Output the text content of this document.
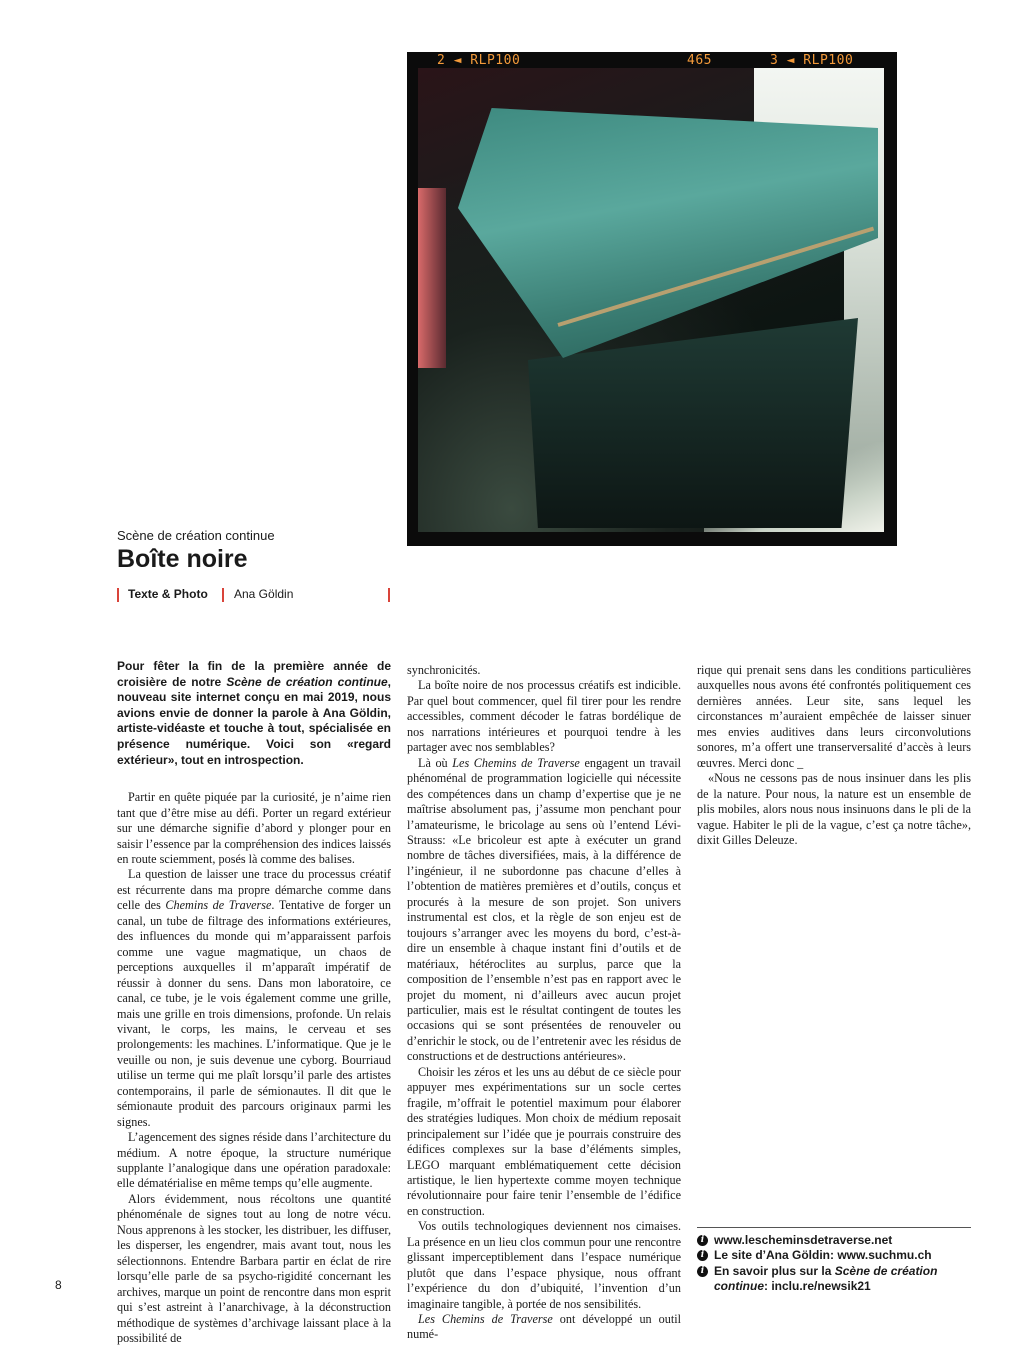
2 ◄ RLP100	465	3 ◄ RLP100
Scène de création continue
Boîte noire
Texte & Photo Ana Göldin

Pour fêter la fin de la première année de croisière de notre Scène de création continue, nouveau site internet conçu en mai 2019, nous avions envie de donner la parole à Ana Göldin, artiste-vidéaste et touche à tout, spécialisée en présence numérique. Voici son «regard extérieur», tout en introspection.

Partir en quête piquée par la curiosité, je n’aime rien tant que d’être mise au défi. Porter un regard extérieur sur une démarche signifie d’abord y plonger pour en saisir l’essence par la compréhension des indices laissés en route sciemment, posés là comme des balises.

La question de laisser une trace du processus créatif est récurrente dans ma propre démarche comme dans celle des Chemins de Traverse. Tentative de forger un canal, un tube de filtrage des informations extérieures, des influences du monde qui m’apparaissent parfois comme une vague magmatique, un chaos de perceptions auxquelles il m’apparaît impératif de réussir à donner du sens. Dans mon laboratoire, ce canal, ce tube, je le vois également comme une grille, mais une grille en trois dimensions, profonde. Un relais vivant, le corps, les mains, le cerveau et ses prolongements: les machines. L’informatique. Que je le veuille ou non, je suis devenue une cyborg. Bourriaud utilise un terme qui me plaît lorsqu’il parle des artistes contemporains, il parle de sémionautes. Il dit que le sémionaute produit des parcours originaux parmi les signes.

L’agencement des signes réside dans l’architecture du médium. A notre époque, la structure numérique supplante l’analogique dans une opération paradoxale: elle dématérialise en même temps qu’elle augmente.

Alors évidemment, nous récoltons une quantité phénoménale de signes tout au long de notre vécu. Nous apprenons à les stocker, les distribuer, les diffuser, les disperser, les engendrer, mais avant tout, nous les sélectionnons. Entendre Barbara partir en éclat de rire lorsqu’elle parle de sa psycho-rigidité concernant les archives, marque un point de rencontre dans mon esprit qui s’est astreint à l’anarchivage, à la déconstruction méthodique de systèmes d’archivage laissant place à la possibilité de

synchronicités.

La boîte noire de nos processus créatifs est indicible. Par quel bout commencer, quel fil tirer pour les rendre accessibles, comment décoder le fatras bordélique de nos narrations intérieures et pourquoi tendre à les partager avec nos semblables?

Là où Les Chemins de Traverse engagent un travail phénoménal de programmation logicielle qui nécessite des compétences dans un champ d’expertise que je ne maîtrise absolument pas, j’assume mon penchant pour l’amateurisme, le bricolage au sens où l’entend Lévi-Strauss: «Le bricoleur est apte à exécuter un grand nombre de tâches diversifiées, mais, à la différence de l’ingénieur, il ne subordonne pas chacune d’elles à l’obtention de matières premières et d’outils, conçus et procurés à la mesure de son projet. Son univers instrumental est clos, et la règle de son enjeu est de toujours s’arranger avec les moyens du bord, c’est-à-dire un ensemble à chaque instant fini d’outils et de matériaux, hétéroclites au surplus, parce que la composition de l’ensemble n’est pas en rapport avec le projet du moment, ni d’ailleurs avec aucun projet particulier, mais est le résultat contingent de toutes les occasions qui se sont présentées de renouveler ou d’enrichir le stock, ou de l’entretenir avec les résidus de constructions et de destructions antérieures».

Choisir les zéros et les uns au début de ce siècle pour appuyer mes expérimentations sur un socle certes fragile, m’offrait le potentiel maximum pour élaborer des stratégies ludiques. Mon choix de médium reposait principalement sur l’idée que je pourrais construire des édifices complexes sur la base d’éléments simples, LEGO marquant emblématiquement cette décision artistique, le lien hypertexte comme moyen technique révolutionnaire pour faire tenir l’ensemble de l’édifice en construction.

Vos outils technologiques deviennent nos cimaises. La présence en un lieu clos commun pour une rencontre glissant imperceptiblement dans l’espace numérique plutôt que dans l’espace physique, nous offrant l’expérience du don d’ubiquité, l’invention d’un imaginaire tangible, à portée de nos sensibilités.

Les Chemins de Traverse ont développé un outil numé-

rique qui prenait sens dans les conditions particulières auxquelles nous avons été confrontés politiquement ces dernières années. Leur site, sans lequel les circonstances m’auraient empêchée de laisser sinuer mes envies auditives dans leurs circonvolutions sonores, m’a offert une transerversalité d’accès à leurs œuvres. Merci donc _

«Nous ne cessons pas de nous insinuer dans les plis de la nature. Pour nous, la nature est un ensemble de plis mobiles, alors nous nous insinuons dans le pli de la vague. Habiter le pli de la vague, c’est ça notre tâche», dixit Gilles Deleuze.

i www.lescheminsdetraverse.net
i Le site d’Ana Göldin: www.suchmu.ch
i En savoir plus sur la Scène de création continue: inclu.re/newsik21
8
